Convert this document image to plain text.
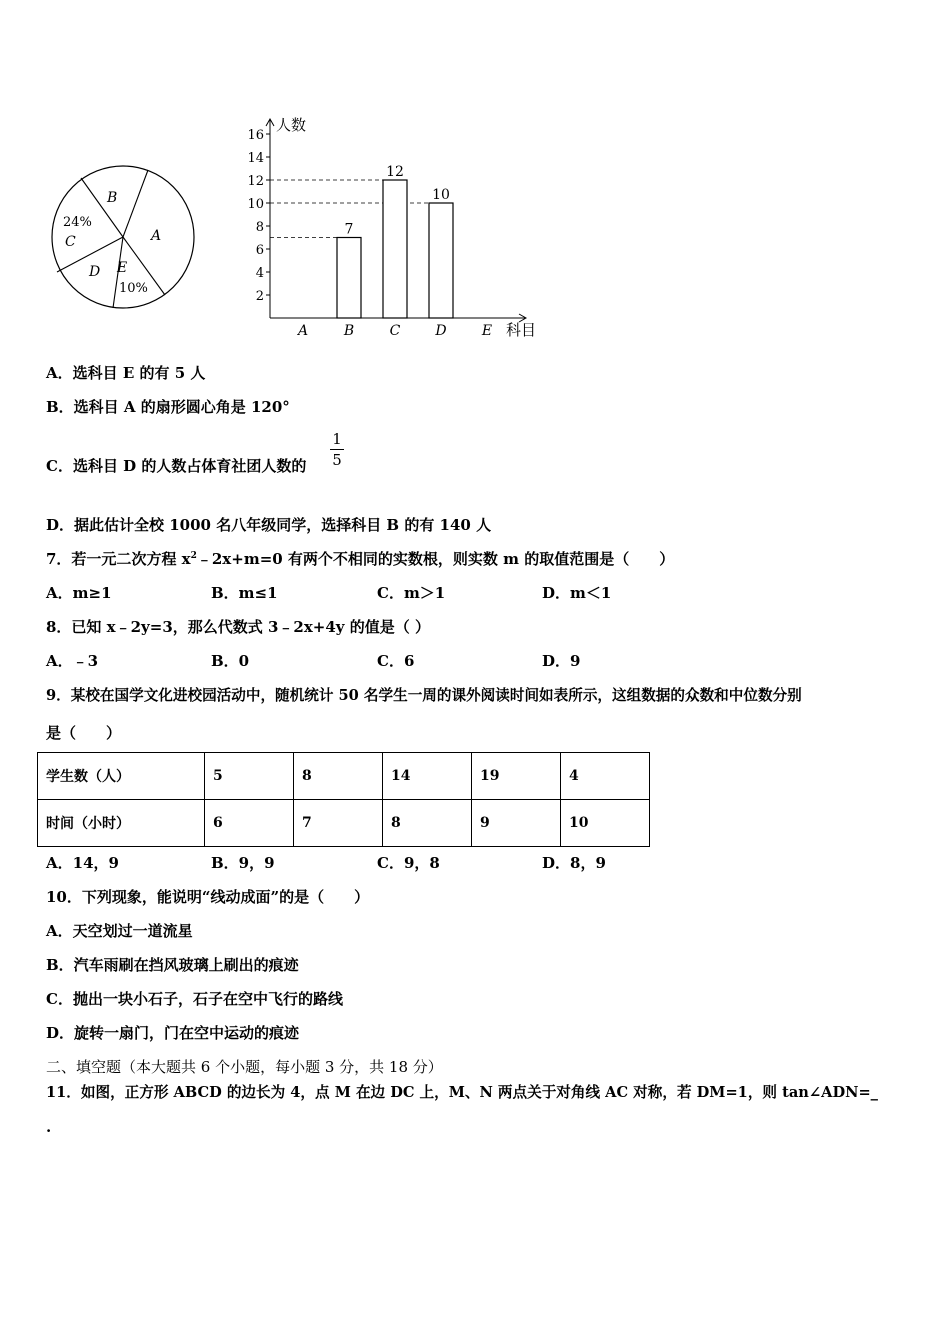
B
A
24%
C
D E
10%
人数
科目
2
4
6
8
10
12
14
16
A	B
7
C
12
D
10
E
A．选科目 E 的有 5 人
B．选科目 A 的扇形圆心角是 120°
C．选科目 D 的人数占体育社团人数的
1
5
D．据此估计全校 1000 名八年级同学，选择科目 B 的有 140 人
7．若一元二次方程 $x^2﹣2x+m=0$ 有两个不相同的实数根，则实数 m 的取值范围是（　　）
A．m≥1	B．m≤1	C．m＞1	D．m＜1
8．已知 x﹣2y=3，那么代数式 3﹣2x+4y 的值是（ ）
A．﹣3	B．0	C．6	D．9
9．某校在国学文化进校园活动中，随机统计 50 名学生一周的课外阅读时间如表所示，这组数据的众数和中位数分别
是（　　）
学生数（人）	5	8	14	19	4
时间（小时）	6	7	8	9	10
A．14，9	B．9，9	C．9，8	D．8，9
10．下列现象，能说明“线动成面”的是（　　）
A．天空划过一道流星
B．汽车雨刷在挡风玻璃上刷出的痕迹
C．抛出一块小石子，石子在空中飞行的路线
D．旋转一扇门，门在空中运动的痕迹
二、填空题（本大题共 6 个小题，每小题 3 分，共 18 分）
11．如图，正方形 ABCD 的边长为 4，点 M 在边 DC 上，M、N 两点关于对角线 AC 对称，若 DM=1，则 tan∠ADN=_
.
